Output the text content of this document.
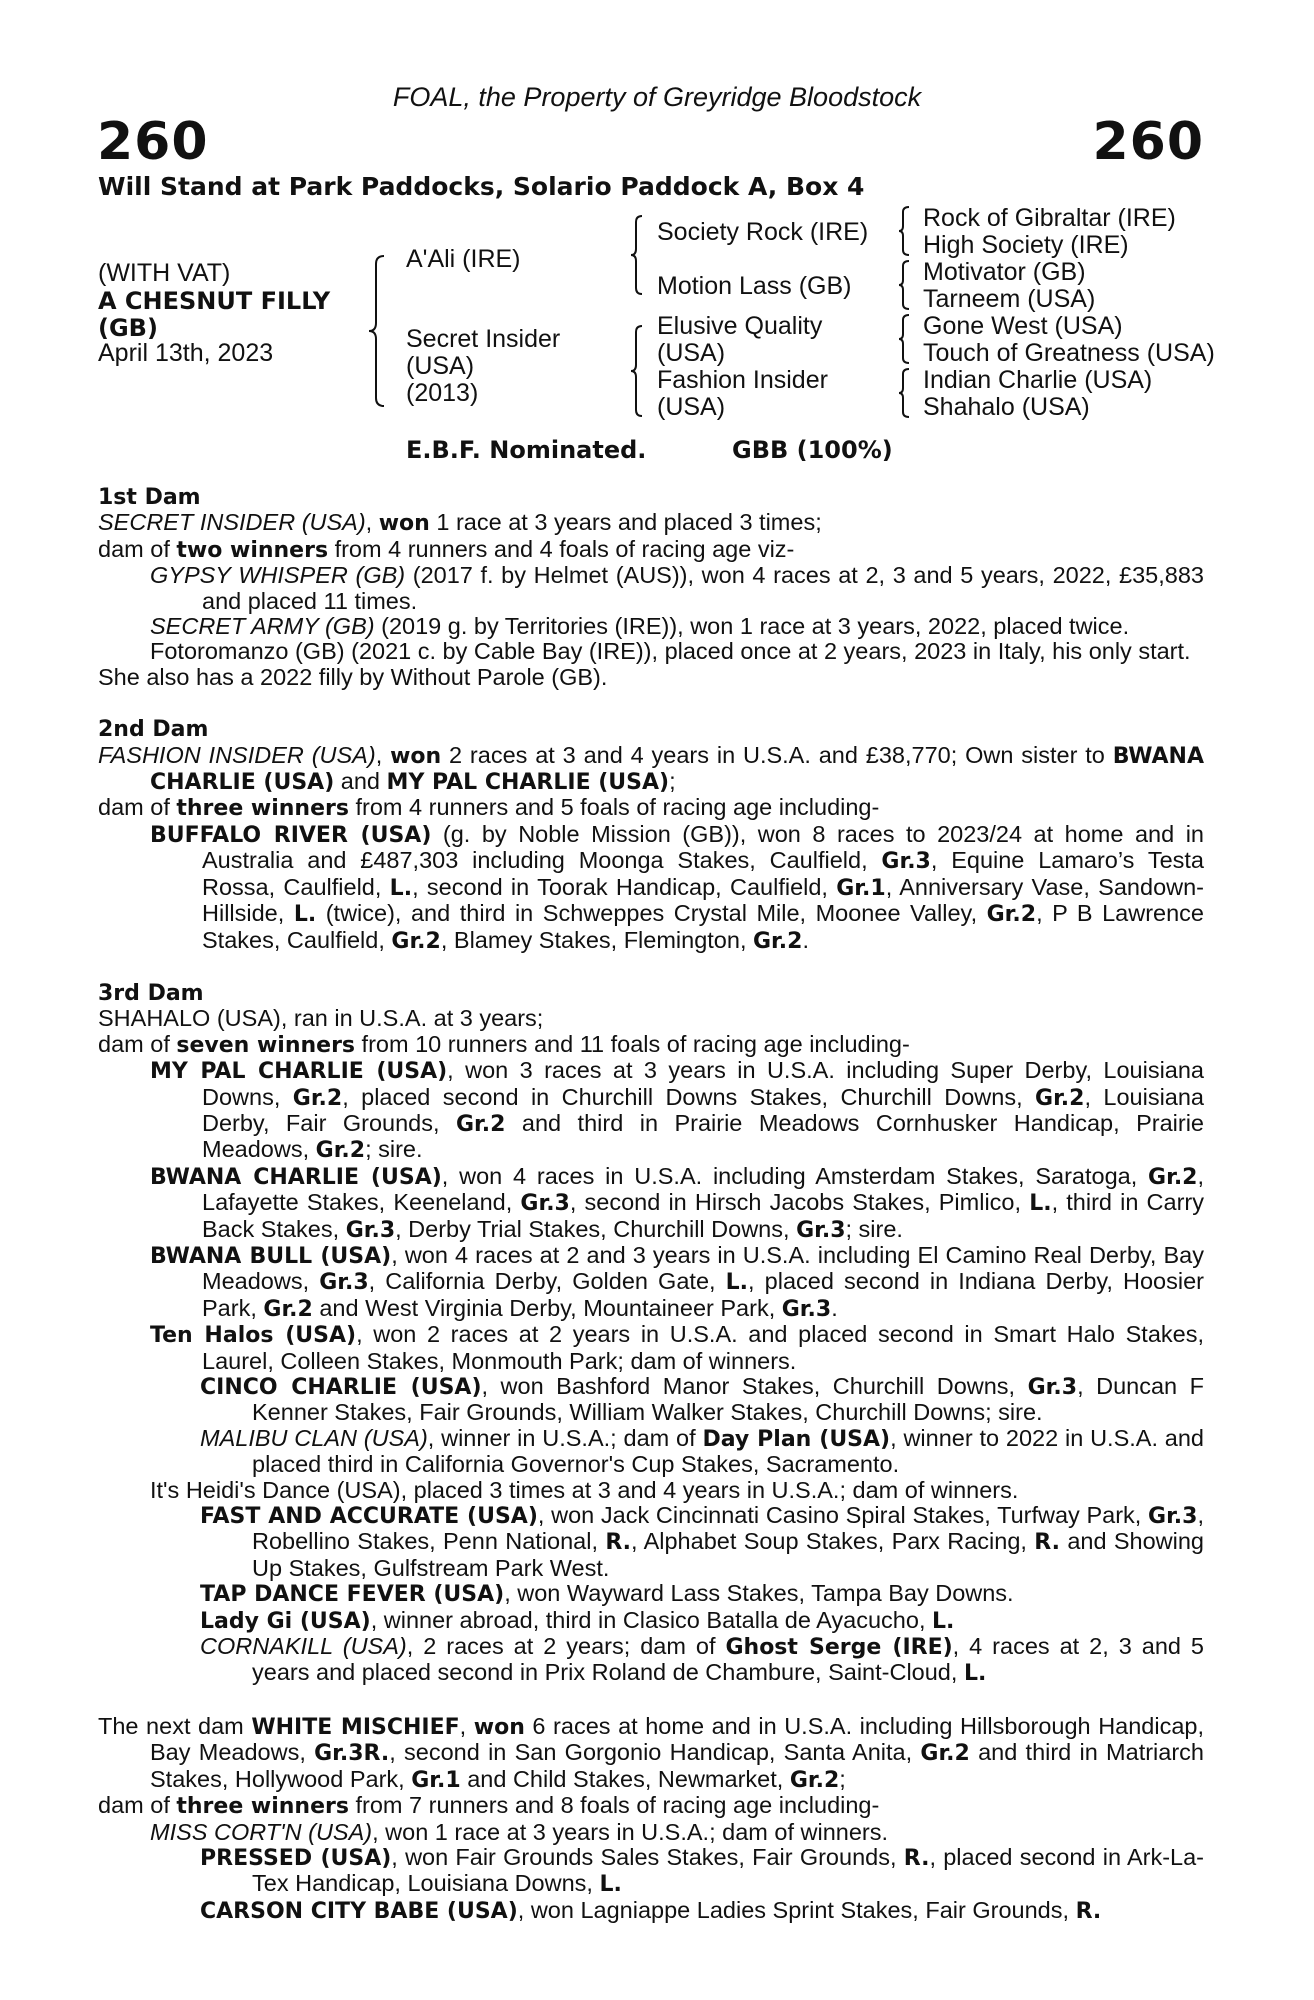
FOAL, the Property of Greyridge Bloodstock
260	260
Will Stand at Park Paddocks, Solario Paddock A, Box 4
(WITH VAT)
A CHESNUT FILLY
(GB)
April 13th, 2023
A'Ali (IRE)
Secret Insider
(USA)
(2013)
Society Rock (IRE)
Motion Lass (GB)
Elusive Quality
(USA)
Fashion Insider
(USA)
Rock of Gibraltar (IRE)
High Society (IRE)
Motivator (GB)
Tarneem (USA)
Gone West (USA)
Touch of Greatness (USA)
Indian Charlie (USA)
Shahalo (USA)
E.B.F. Nominated.	GBB (100%)

1st Dam

SECRET INSIDER (USA), won 1 race at 3 years and placed 3 times;

dam of two winners from 4 runners and 4 foals of racing age viz-

GYPSY WHISPER (GB) (2017 f. by Helmet (AUS)), won 4 races at 2, 3 and 5 years, 2022, £35,883 and placed 11 times.

SECRET ARMY (GB) (2019 g. by Territories (IRE)), won 1 race at 3 years, 2022, placed twice.

Fotoromanzo (GB) (2021 c. by Cable Bay (IRE)), placed once at 2 years, 2023 in Italy, his only start.

She also has a 2022 filly by Without Parole (GB).

2nd Dam

FASHION INSIDER (USA), won 2 races at 3 and 4 years in U.S.A. and £38,770; Own sister to BWANA CHARLIE (USA) and MY PAL CHARLIE (USA);

dam of three winners from 4 runners and 5 foals of racing age including-

BUFFALO RIVER (USA) (g. by Noble Mission (GB)), won 8 races to 2023/24 at home and in Australia and £487,303 including Moonga Stakes, Caulfield, Gr.3, Equine Lamaro’s Testa Rossa, Caulfield, L., second in Toorak Handicap, Caulfield, Gr.1, Anniversary Vase, Sandown-Hillside, L. (twice), and third in Schweppes Crystal Mile, Moonee Valley, Gr.2, P B Lawrence Stakes, Caulfield, Gr.2, Blamey Stakes, Flemington, Gr.2.

3rd Dam

SHAHALO (USA), ran in U.S.A. at 3 years;

dam of seven winners from 10 runners and 11 foals of racing age including-

MY PAL CHARLIE (USA), won 3 races at 3 years in U.S.A. including Super Derby, Louisiana Downs, Gr.2, placed second in Churchill Downs Stakes, Churchill Downs, Gr.2, Louisiana Derby, Fair Grounds, Gr.2 and third in Prairie Meadows Cornhusker Handicap, Prairie Meadows, Gr.2; sire.

BWANA CHARLIE (USA), won 4 races in U.S.A. including Amsterdam Stakes, Saratoga, Gr.2, Lafayette Stakes, Keeneland, Gr.3, second in Hirsch Jacobs Stakes, Pimlico, L., third in Carry Back Stakes, Gr.3, Derby Trial Stakes, Churchill Downs, Gr.3; sire.

BWANA BULL (USA), won 4 races at 2 and 3 years in U.S.A. including El Camino Real Derby, Bay Meadows, Gr.3, California Derby, Golden Gate, L., placed second in Indiana Derby, Hoosier Park, Gr.2 and West Virginia Derby, Mountaineer Park, Gr.3.

Ten Halos (USA), won 2 races at 2 years in U.S.A. and placed second in Smart Halo Stakes, Laurel, Colleen Stakes, Monmouth Park; dam of winners.

CINCO CHARLIE (USA), won Bashford Manor Stakes, Churchill Downs, Gr.3, Duncan F Kenner Stakes, Fair Grounds, William Walker Stakes, Churchill Downs; sire.

MALIBU CLAN (USA), winner in U.S.A.; dam of Day Plan (USA), winner to 2022 in U.S.A. and placed third in California Governor's Cup Stakes, Sacramento.

It's Heidi's Dance (USA), placed 3 times at 3 and 4 years in U.S.A.; dam of winners.

FAST AND ACCURATE (USA), won Jack Cincinnati Casino Spiral Stakes, Turfway Park, Gr.3, Robellino Stakes, Penn National, R., Alphabet Soup Stakes, Parx Racing, R. and Showing Up Stakes, Gulfstream Park West.

TAP DANCE FEVER (USA), won Wayward Lass Stakes, Tampa Bay Downs.

Lady Gi (USA), winner abroad, third in Clasico Batalla de Ayacucho, L.

CORNAKILL (USA), 2 races at 2 years; dam of Ghost Serge (IRE), 4 races at 2, 3 and 5 years and placed second in Prix Roland de Chambure, Saint-Cloud, L.

The next dam WHITE MISCHIEF, won 6 races at home and in U.S.A. including Hillsborough Handicap, Bay Meadows, Gr.3R., second in San Gorgonio Handicap, Santa Anita, Gr.2 and third in Matriarch Stakes, Hollywood Park, Gr.1 and Child Stakes, Newmarket, Gr.2;

dam of three winners from 7 runners and 8 foals of racing age including-

MISS CORT'N (USA), won 1 race at 3 years in U.S.A.; dam of winners.

PRESSED (USA), won Fair Grounds Sales Stakes, Fair Grounds, R., placed second in Ark-La-Tex Handicap, Louisiana Downs, L.

CARSON CITY BABE (USA), won Lagniappe Ladies Sprint Stakes, Fair Grounds, R.
